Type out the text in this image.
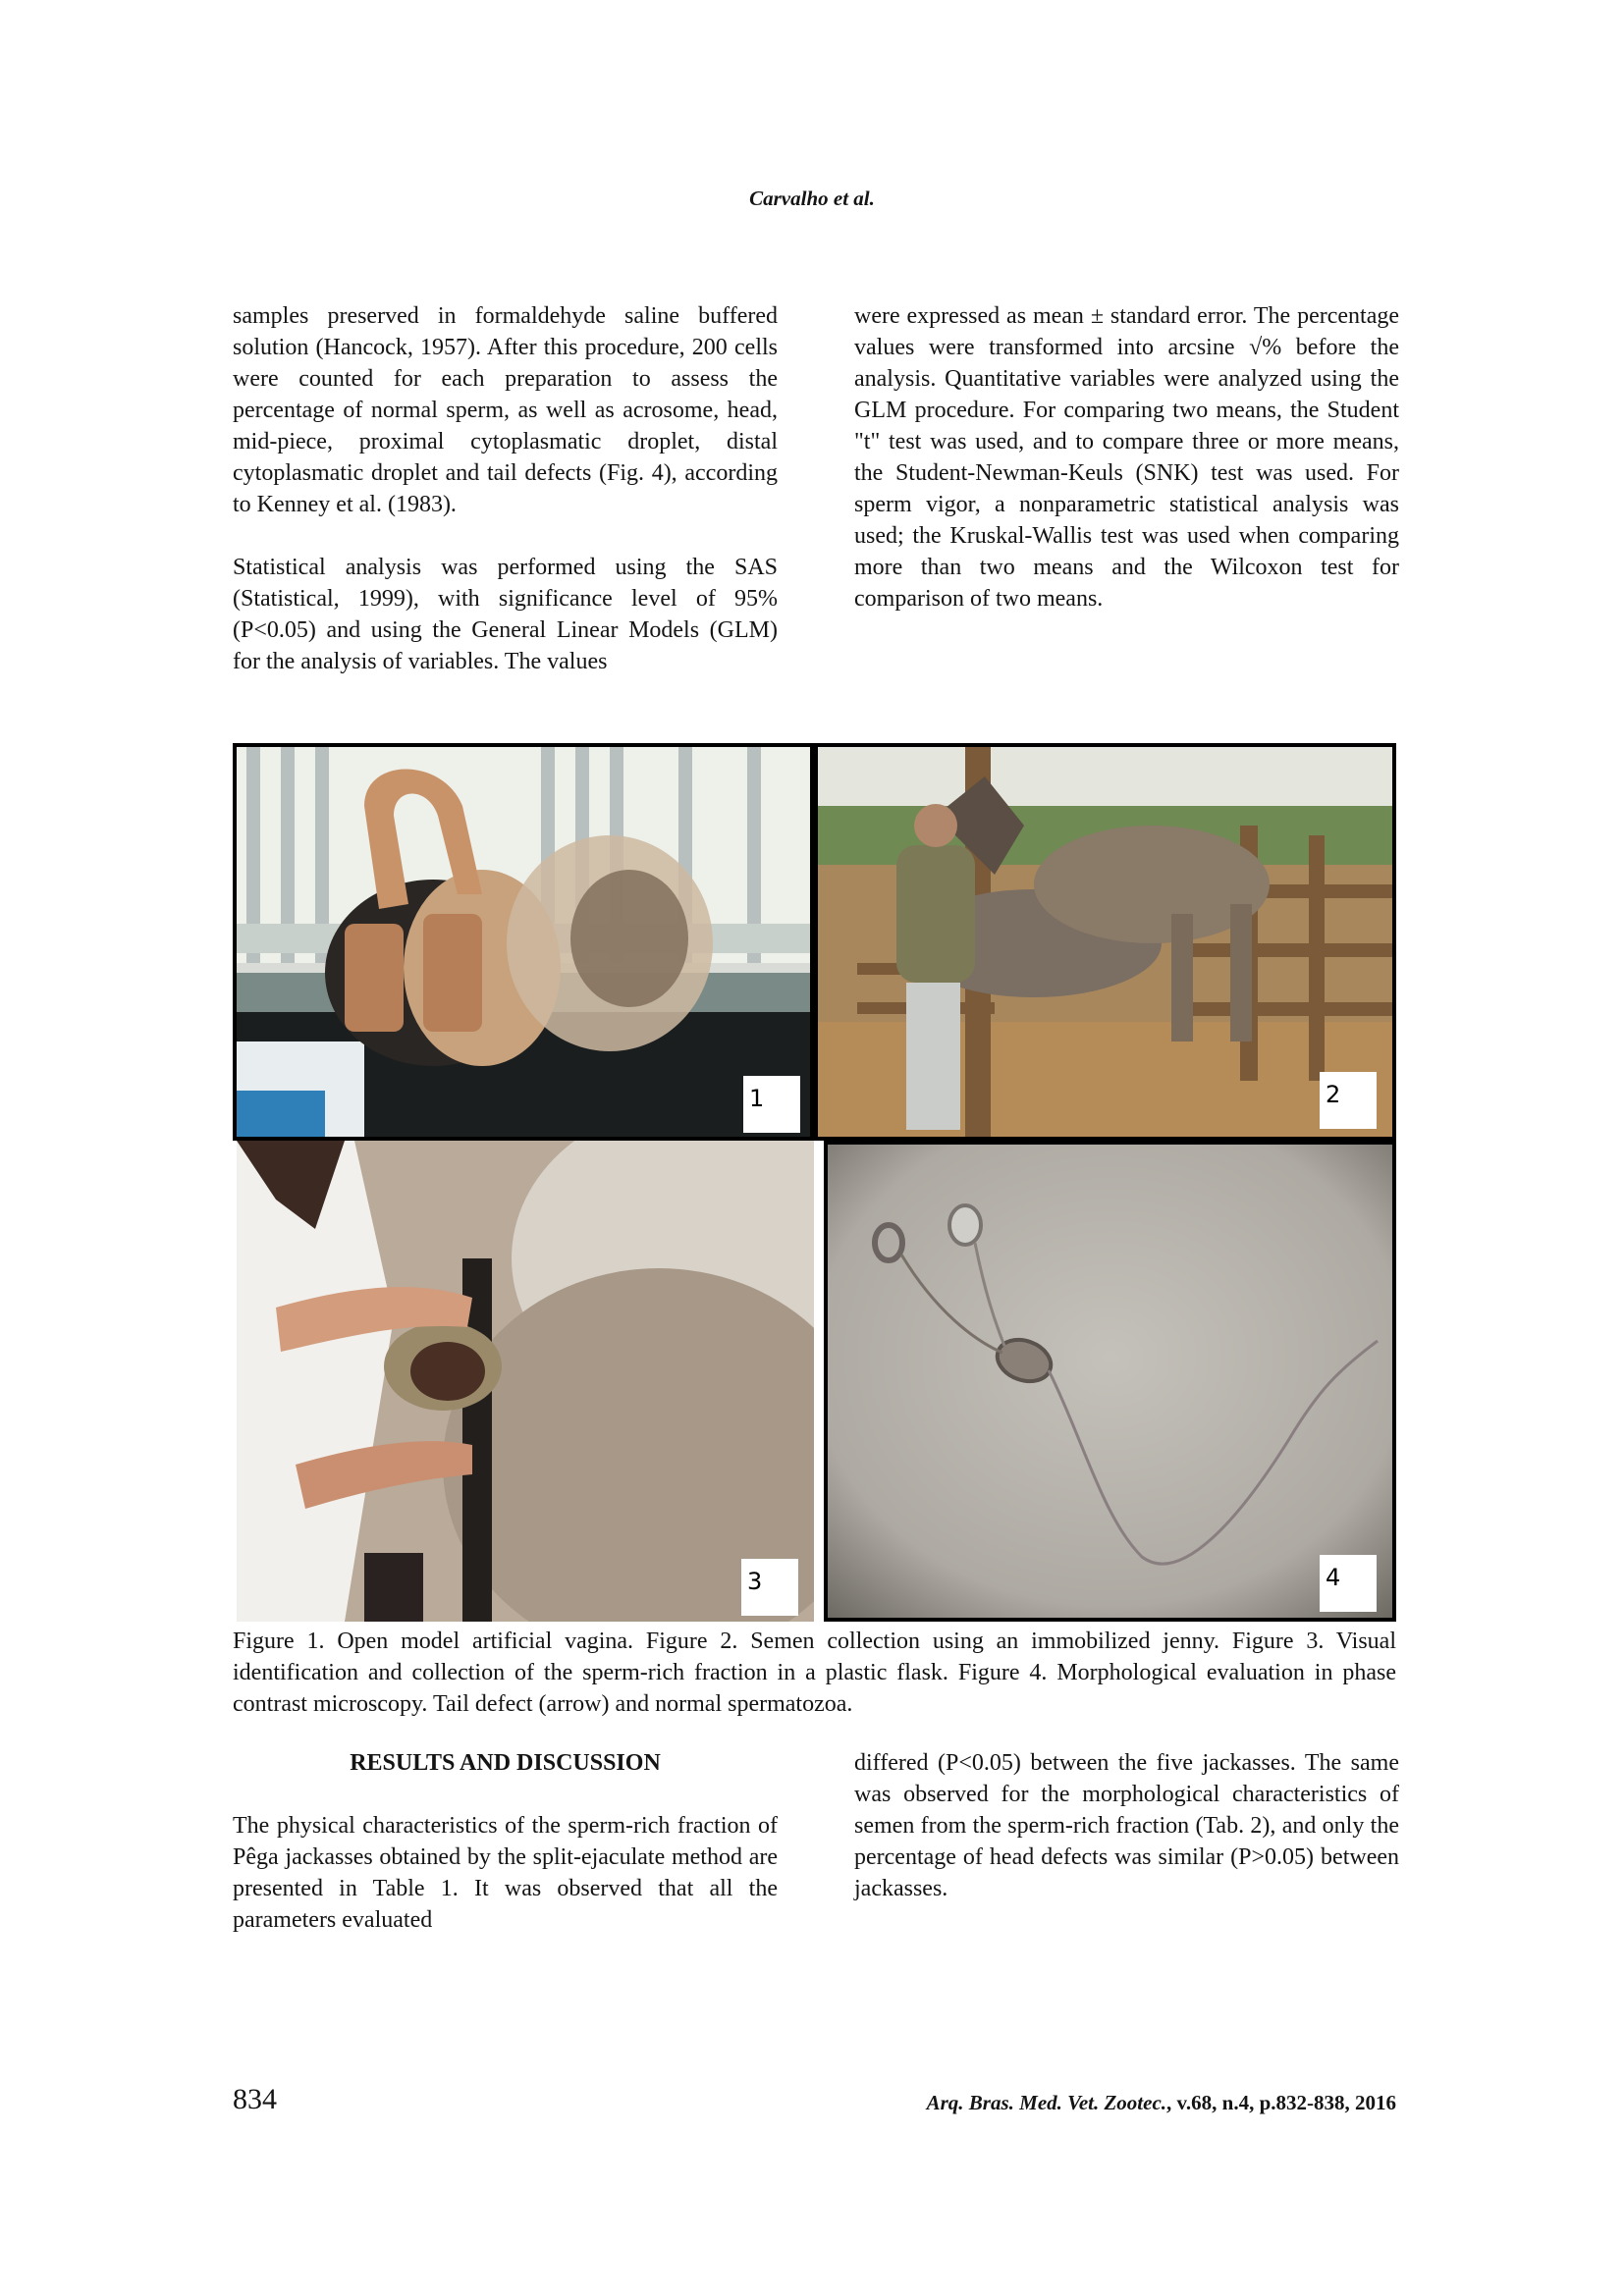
Carvalho et al.

samples preserved in formaldehyde saline buffered solution (Hancock, 1957). After this procedure, 200 cells were counted for each preparation to assess the percentage of normal sperm, as well as acrosome, head, mid-piece, proximal cytoplasmatic droplet, distal cytoplasmatic droplet and tail defects (Fig. 4), according to Kenney et al. (1983).

Statistical analysis was performed using the SAS (Statistical, 1999), with significance level of 95% (P<0.05) and using the General Linear Models (GLM) for the analysis of variables. The values

were expressed as mean ± standard error. The percentage values were transformed into arcsine √% before the analysis. Quantitative variables were analyzed using the GLM procedure. For comparing two means, the Student "t" test was used, and to compare three or more means, the Student-Newman-Keuls (SNK) test was used. For sperm vigor, a nonparametric statistical analysis was used; the Kruskal-Wallis test was used when comparing more than two means and the Wilcoxon test for comparison of two means.

1	2
3	4
Figure 1. Open model artificial vagina. Figure 2. Semen collection using an immobilized jenny. Figure 3. Visual identification and collection of the sperm-rich fraction in a plastic flask. Figure 4. Morphological evaluation in phase contrast microscopy. Tail defect (arrow) and normal spermatozoa.

RESULTS AND DISCUSSION

The physical characteristics of the sperm-rich fraction of Pêga jackasses obtained by the split-ejaculate method are presented in Table 1. It was observed that all the parameters evaluated

differed (P<0.05) between the five jackasses. The same was observed for the morphological characteristics of semen from the sperm-rich fraction (Tab. 2), and only the percentage of head defects was similar (P>0.05) between jackasses.

834	Arq. Bras. Med. Vet. Zootec., v.68, n.4, p.832-838, 2016
